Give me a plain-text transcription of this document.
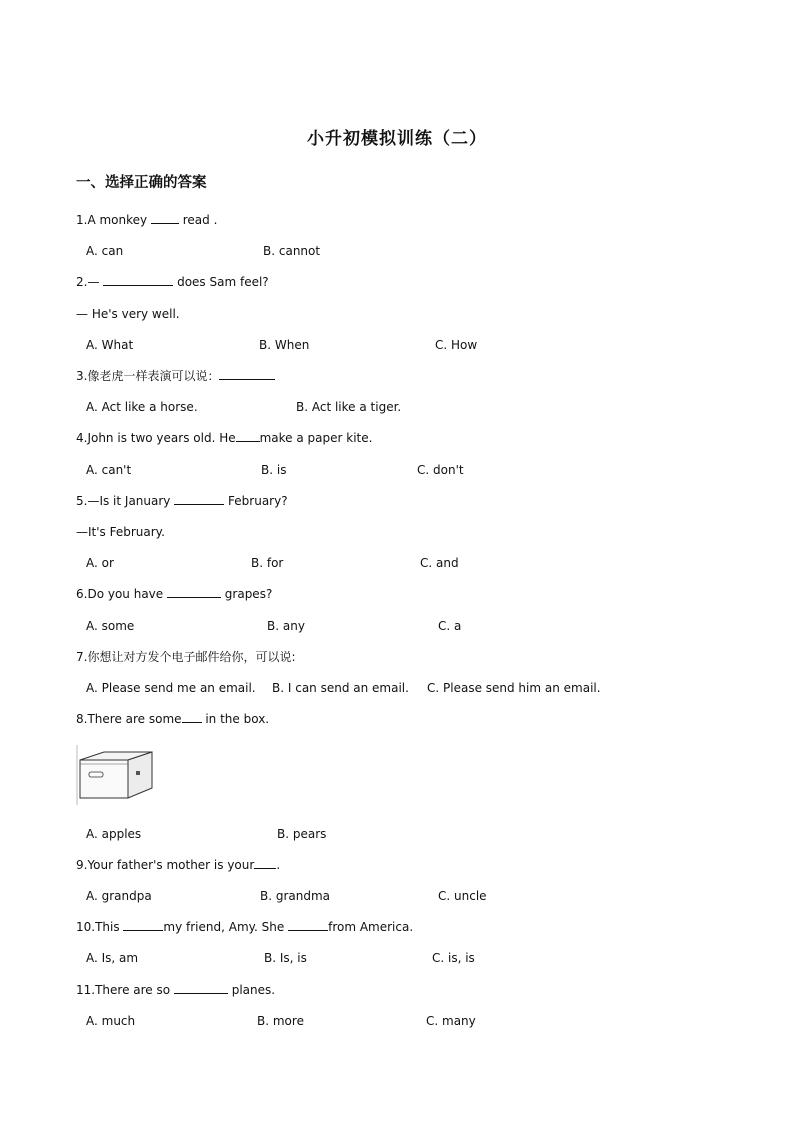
小升初模拟训练（二）
一、选择正确的答案
1.A monkey  read .
A. can	B. cannot
2.—	does Sam feel?
— He's very well.
A. What	B. When	C. How
3.像老虎一样表演可以说：
A. Act like a horse.	B. Act like a tiger.
4.John is two years old. He make a paper kite.
A. can't	B. is	C. don't
5.—Is it January	February?
—It's February.
A. or	B. for	C. and
6.Do you have	grapes?
A. some	B. any	C. a
7.你想让对方发个电子邮件给你，可以说:
A. Please send me an email. B. I can send an email. C. Please send him an email.
8.There are some in the box.
A. apples	B. pears
9.Your father's mother is your .
A. grandpa	B. grandma	C. uncle
10.This	my friend, Amy. She	from America.
A. Is, am	B. Is, is	C. is, is
11.There are so	planes.
A. much	B. more	C. many
